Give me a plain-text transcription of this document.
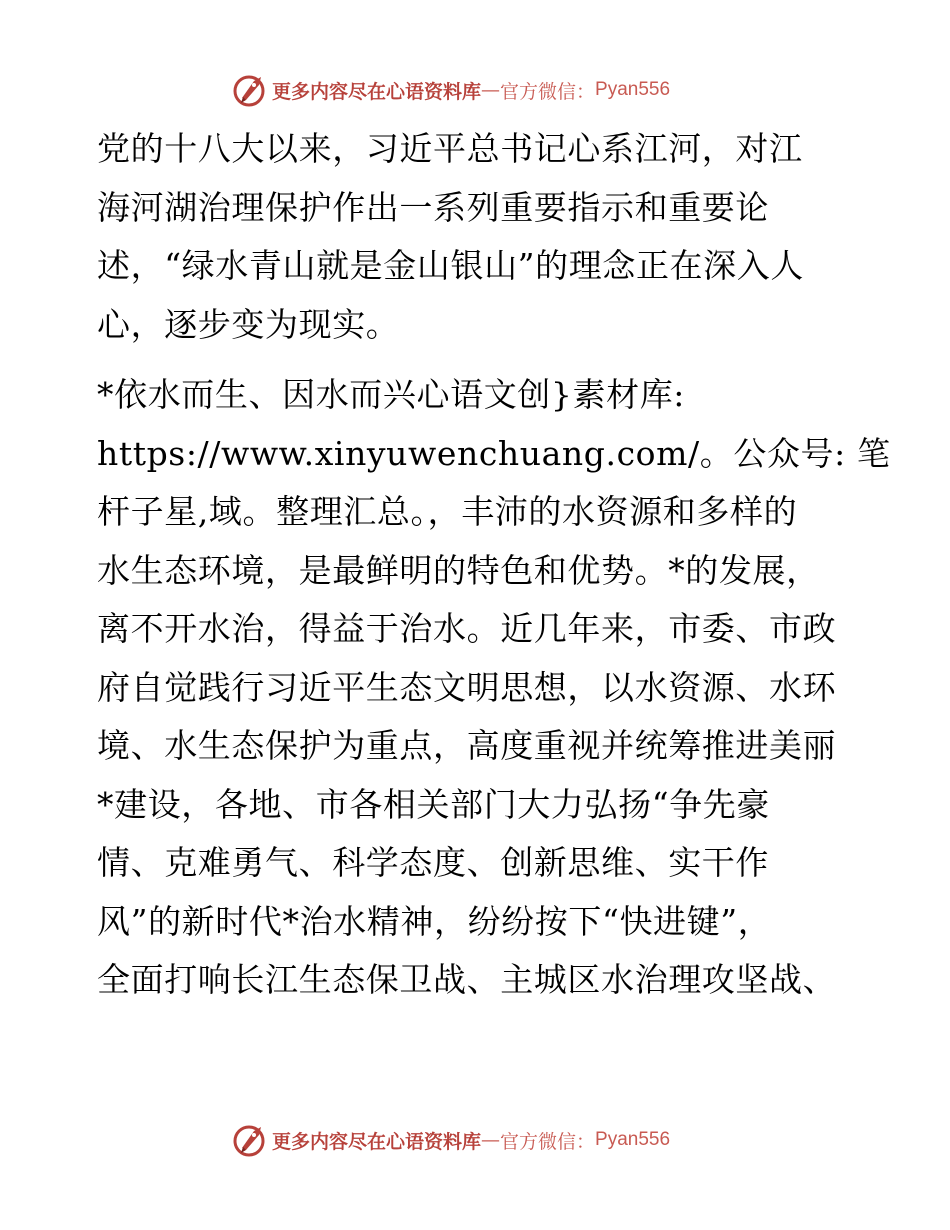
更多内容尽在心语资料库 — 官方微信： Pyan556

党的十八大以来，习近平总书记心系江河，对江
海河湖治理保护作出一系列重要指示和重要论
述，“绿水青山就是金山银山”的理念正在深入人
心，逐步变为现实。

*依水而生、因水而兴心语文创}素材库:
https://www.xinyuwenchuang.com/。公众号: 笔
杆子星,域。整理汇总。，丰沛的水资源和多样的
水生态环境，是最鲜明的特色和优势。*的发展，
离不开水治，得益于治水。近几年来，市委、市政
府自觉践行习近平生态文明思想，以水资源、水环
境、水生态保护为重点，高度重视并统筹推进美丽
*建设，各地、市各相关部门大力弘扬“争先豪
情、克难勇气、科学态度、创新思维、实干作
风”的新时代*治水精神，纷纷按下“快进键”，
全面打响长江生态保卫战、主城区水治理攻坚战、

更多内容尽在心语资料库 — 官方微信： Pyan556
